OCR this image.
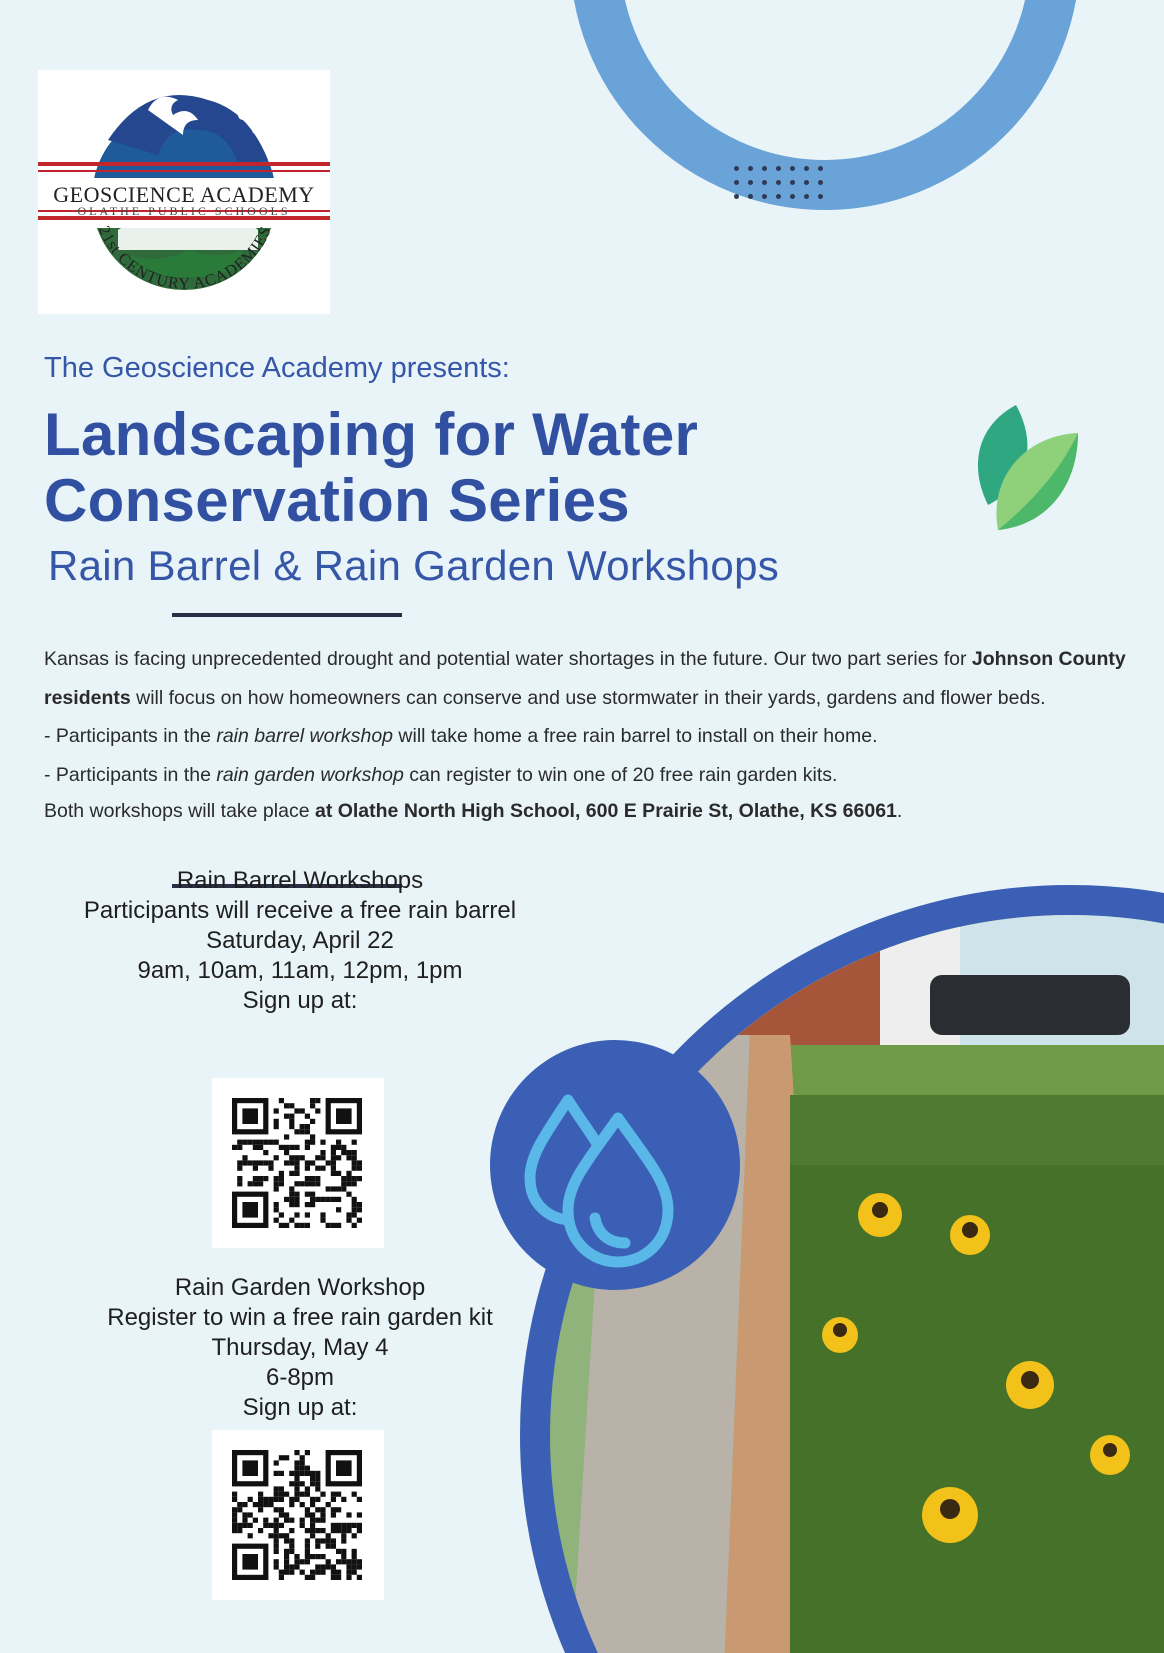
GEOSCIENCE ACADEMY
OLATHE PUBLIC SCHOOLS
21st CENTURY ACADEMIES
The Geoscience Academy presents:
Landscaping for Water
Conservation Series
Rain Barrel & Rain Garden Workshops
Kansas is facing unprecedented drought and potential water shortages in the future. Our two part series for Johnson County residents will focus on how homeowners can conserve and use stormwater in their yards, gardens and flower beds.
- Participants in the rain barrel workshop will take home a free rain barrel to install on their home.
- Participants in the rain garden workshop can register to win one of 20 free rain garden kits.
Both workshops will take place at Olathe North High School, 600 E Prairie St, Olathe, KS 66061.
Rain Barrel Workshops
Participants will receive a free rain barrel
Saturday, April 22
9am, 10am, 11am, 12pm, 1pm
Sign up at:
Rain Garden Workshop
Register to win a free rain garden kit
Thursday, May 4
6-8pm
Sign up at:
